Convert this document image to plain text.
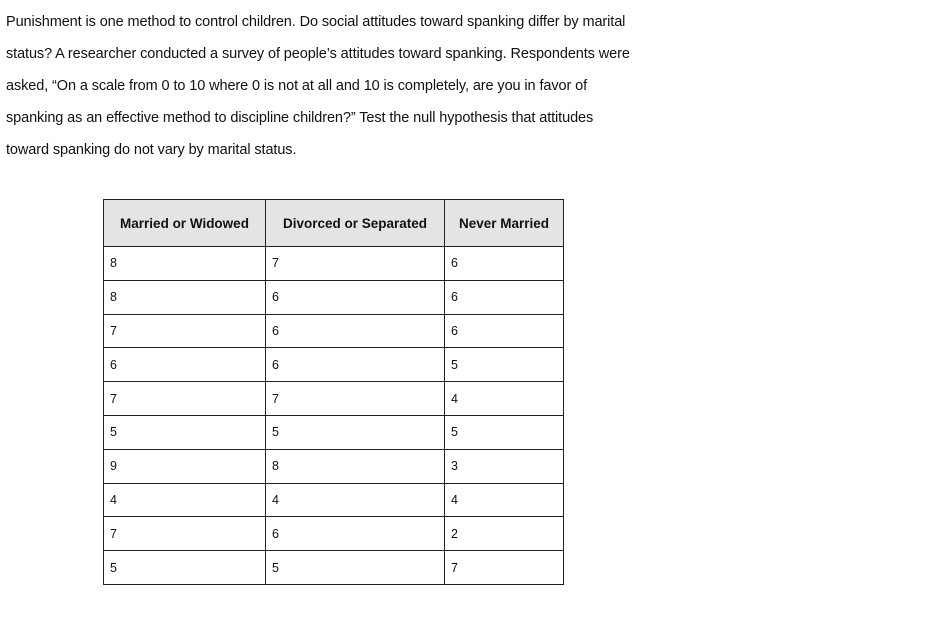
Punishment is one method to control children. Do social attitudes toward spanking differ by marital
status? A researcher conducted a survey of people’s attitudes toward spanking. Respondents were
asked, “On a scale from 0 to 10 where 0 is not at all and 10 is completely, are you in favor of
spanking as an effective method to discipline children?” Test the null hypothesis that attitudes
toward spanking do not vary by marital status.
Married or Widowed	Divorced or Separated	Never Married
8	7	6
8	6	6
7	6	6
6	6	5
7	7	4
5	5	5
9	8	3
4	4	4
7	6	2
5	5	7
